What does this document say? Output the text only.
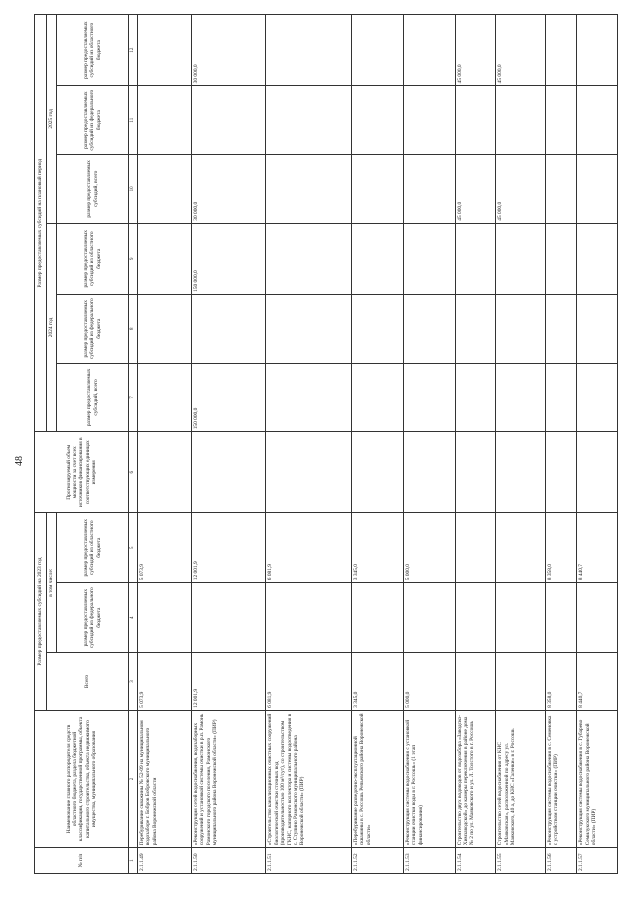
48
№ п/п	Наименование главного распорядителя средств областного бюджета, раздела бюджетной классификации, государственной программы, объекта капитального строительства, объекта недвижимого имущества, муниципального образования	Размер предоставляемых субсидий на 2023 год			Прогнозируемый объем мощности за счет всех источников финансирования в соответствующих единицах измерения	Размер предоставляемых субсидий на плановый период					
		Всего	в том числе:			2024 год			2025 год		
			размер предоставляемых субсидий из федерального бюджета	размер предоставляемых субсидий из областного бюджета		размер предоставляемых субсидий, всего	размер предоставляемых субсидий из федерального бюджета	размер предоставляемых субсидий из областного бюджета	размер предоставляемых субсидий, всего	размер предоставляемых субсидий из федерального бюджета	размер предоставляемых субсидий из областного бюджета

1	2	3	4	5	6	7	8	9	10	11	12
2.1.1.49	Перебуривание скважины № 52-09 на муниципальном водозаборе г. Бобров Бобровского муниципального района Воронежской области	5 073,9		5 073,9							
2.1.1.50	«Реконструкция сетей водоснабжения, водозаборных сооружений и установкой системы очистки в р.п. Рамонь Рамонского городского поселения, Рамонского муниципального района Воронежской области» (ПИР)	12 001,9		12 001,9		150 000,0		150 000,0	30 000,0		30 000,0
2.1.1.51	«Строительство канализационных очистных сооружений биологической очистки сточных вод (производительностью 100 м³/сут), со строительством ГКНС, напорного коллектора и системы водоотведения в с. Ступино Рамонского муниципального района Воронежской области» (ПИР)	6 081,9		6 081,9							
2.1.1.52	«Перебуривание разведочно-эксплуатационной скважины в с. Россошь Репьевского района Воронежской области»	3 345,0		3 345,0							
2.1.1.53	«Реконструкция системы водоснабжения с установкой станции очистки воды в г. Россошь» (1 этап финансирования)	5 000,0		5 000,0							
2.1.1.54	Строительство двух водоводов от водозабора «Заводско-Химзаводской» до камеры переключения в районе дома № 2 по ул. Маяковского и ул. Л. Толстого в г. Россошь								45 000,0		45 000,0
2.1.1.55	Строительство сетей водоснабжения от КНС «Маяковская», расположенной по адресу ул. Маяковского, 40 а, до КНС «Галенки» в г. Россошь								45 000,0		45 000,0
2.1.1.56	«Реконструкция системы водоснабжения в с. Семеновка с устройством станции очистки» (ПИР)	8 358,0		8 358,0							
2.1.1.57	«Реконструкция системы водоснабжения в с. Губарево Семилукского муниципального района Воронежской области» (ПИР)	8 440,7		8 440,7							
